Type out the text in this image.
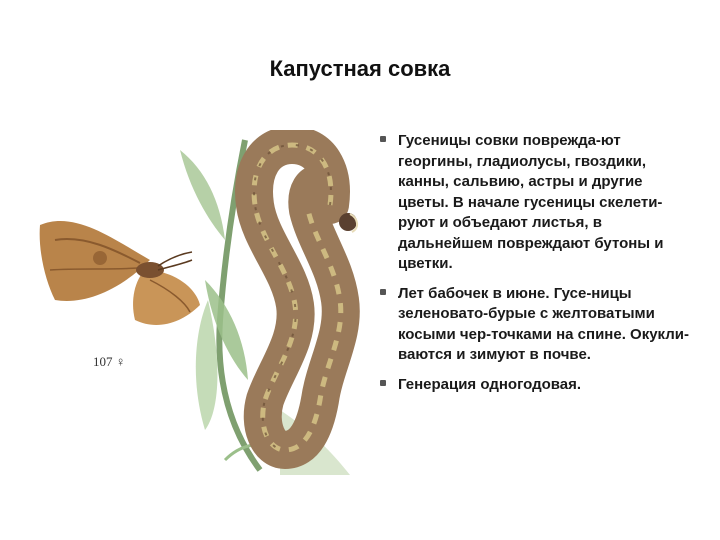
Капустная совка
107 ♀
Гусеницы совки поврежда-ют георгины, гладиолусы, гвоздики, канны, сальвию, астры и другие цветы. В начале гусеницы скелети-руют и объедают листья, в дальнейшем повреждают бутоны и цветки.
Лет бабочек в июне. Гусе-ницы зеленовато-бурые с желтоватыми косыми чер-точками на спине. Окукли-ваются и зимуют в почве.
Генерация одногодовая.
